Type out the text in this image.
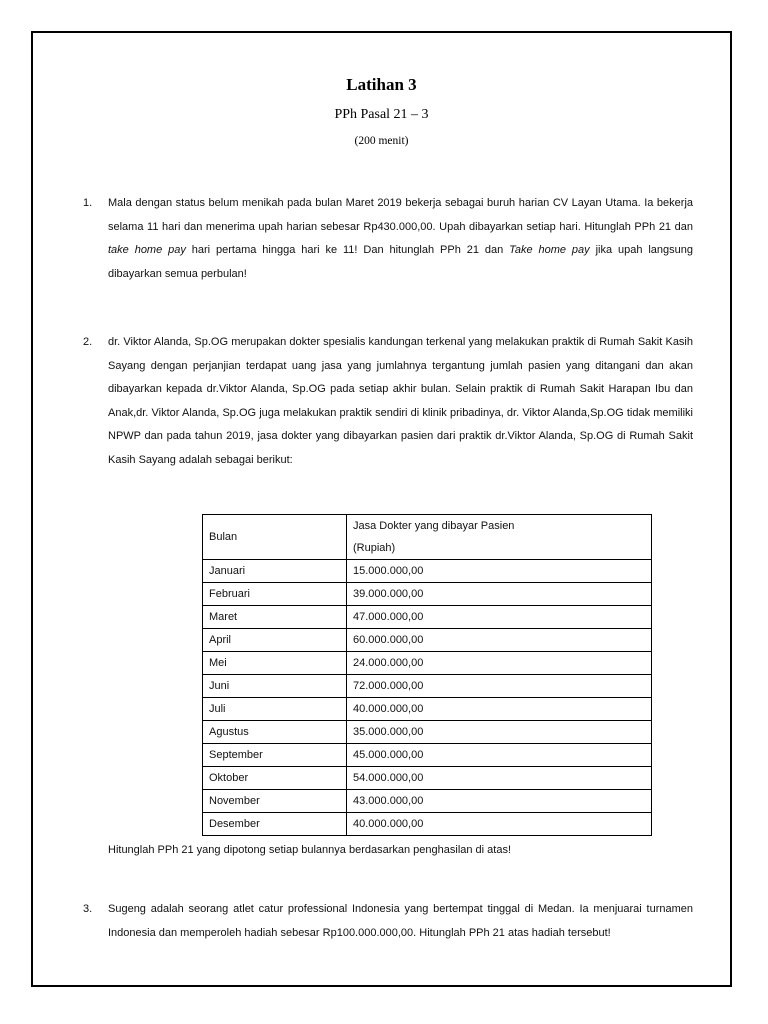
Latihan 3
PPh Pasal 21 – 3
(200 menit)
1. Mala dengan status belum menikah pada bulan Maret 2019 bekerja sebagai buruh harian CV Layan Utama. Ia bekerja selama 11 hari dan menerima upah harian sebesar Rp430.000,00. Upah dibayarkan setiap hari. Hitunglah PPh 21 dan take home pay hari pertama hingga hari ke 11! Dan hitunglah PPh 21 dan Take home pay jika upah langsung dibayarkan semua perbulan!
2. dr. Viktor Alanda, Sp.OG merupakan dokter spesialis kandungan terkenal yang melakukan praktik di Rumah Sakit Kasih Sayang dengan perjanjian terdapat uang jasa yang jumlahnya tergantung jumlah pasien yang ditangani dan akan dibayarkan kepada dr.Viktor Alanda, Sp.OG pada setiap akhir bulan. Selain praktik di Rumah Sakit Harapan Ibu dan Anak,dr. Viktor Alanda, Sp.OG juga melakukan praktik sendiri di klinik pribadinya, dr. Viktor Alanda,Sp.OG tidak memiliki NPWP dan pada tahun 2019, jasa dokter yang dibayarkan pasien dari praktik dr.Viktor Alanda, Sp.OG di Rumah Sakit Kasih Sayang adalah sebagai berikut:
Bulan	Jasa Dokter yang dibayar Pasien
(Rupiah)
Januari	15.000.000,00
Februari	39.000.000,00
Maret	47.000.000,00
April	60.000.000,00
Mei	24.000.000,00
Juni	72.000.000,00
Juli	40.000.000,00
Agustus	35.000.000,00
September	45.000.000,00
Oktober	54.000.000,00
November	43.000.000,00
Desember	40.000.000,00
Hitunglah PPh 21 yang dipotong setiap bulannya berdasarkan penghasilan di atas!
3. Sugeng adalah seorang atlet catur professional Indonesia yang bertempat tinggal di Medan. Ia menjuarai turnamen Indonesia dan memperoleh hadiah sebesar Rp100.000.000,00. Hitunglah PPh 21 atas hadiah tersebut!
